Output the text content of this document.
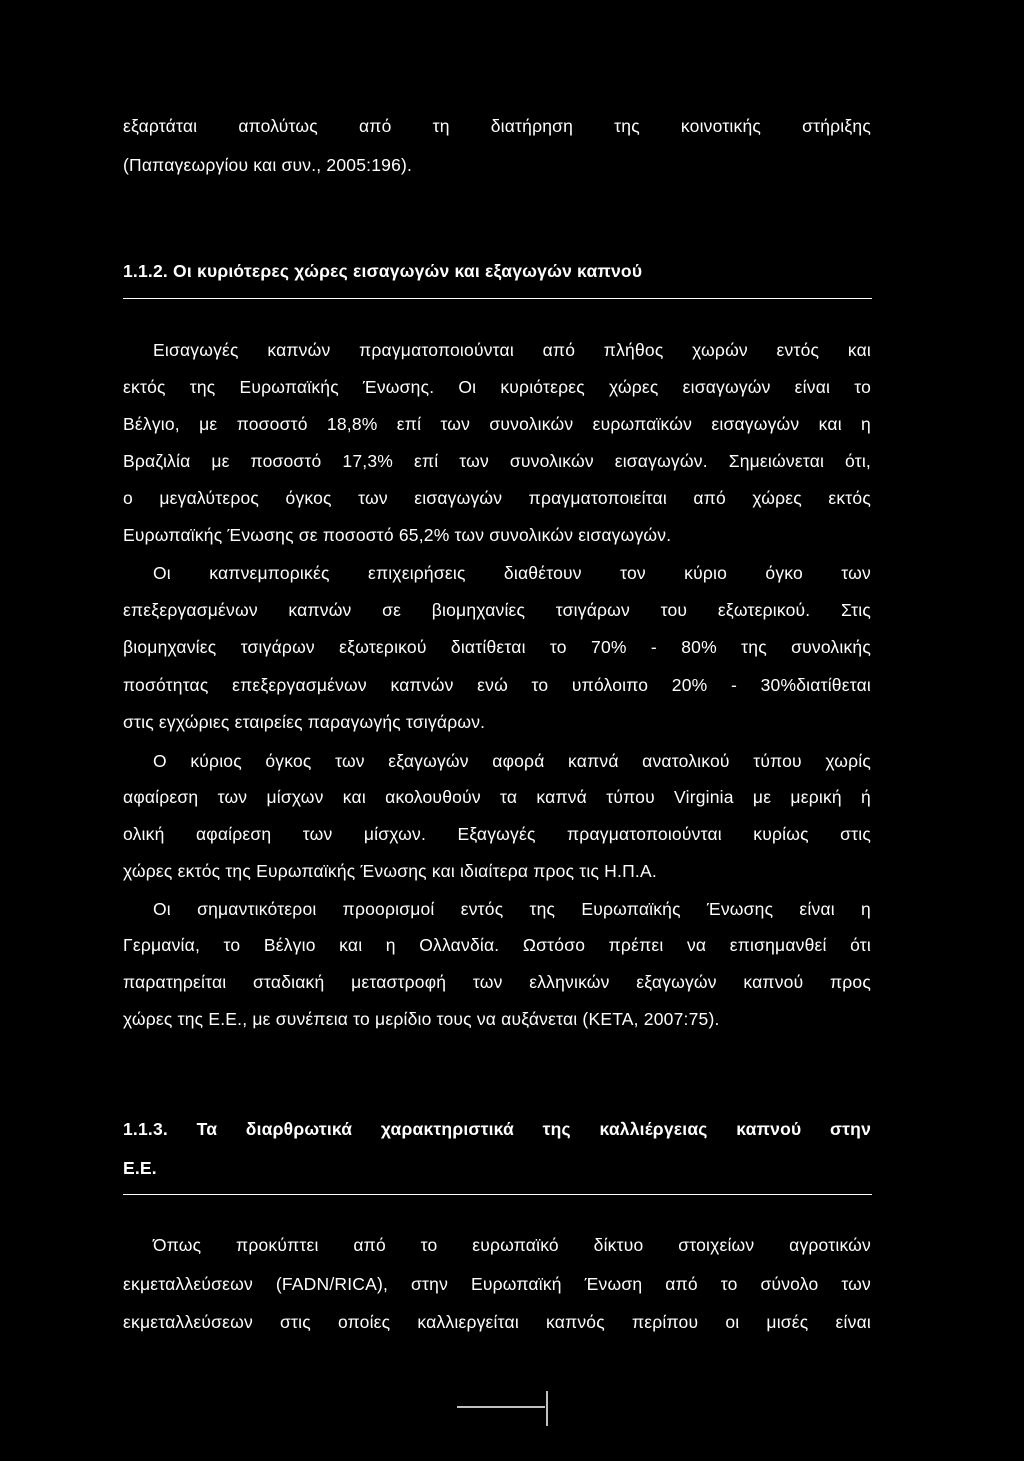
εξαρτάται απολύτως από τη διατήρηση της κοινοτικής στήριξης
(Παπαγεωργίου και συν., 2005:196).
1.1.2. Οι κυριότερες χώρες εισαγωγών και εξαγωγών καπνού
Εισαγωγές καπνών πραγματοποιούνται από πλήθος χωρών εντός και
εκτός της Ευρωπαϊκής Ένωσης. Οι κυριότερες χώρες εισαγωγών είναι το
Βέλγιο, με ποσοστό 18,8% επί των συνολικών ευρωπαϊκών εισαγωγών και η
Βραζιλία με ποσοστό 17,3% επί των συνολικών εισαγωγών. Σημειώνεται ότι,
ο μεγαλύτερος όγκος των εισαγωγών πραγματοποιείται από χώρες εκτός
Ευρωπαϊκής Ένωσης σε ποσοστό 65,2% των συνολικών εισαγωγών.
Οι καπνεμπορικές επιχειρήσεις διαθέτουν τον κύριο όγκο των
επεξεργασμένων καπνών σε βιομηχανίες τσιγάρων του εξωτερικού. Στις
βιομηχανίες τσιγάρων εξωτερικού διατίθεται το 70% - 80% της συνολικής
ποσότητας επεξεργασμένων καπνών ενώ το υπόλοιπο 20% - 30%διατίθεται
στις εγχώριες εταιρείες παραγωγής τσιγάρων.
Ο κύριος όγκος των εξαγωγών αφορά καπνά ανατολικού τύπου χωρίς
αφαίρεση των μίσχων και ακολουθούν τα καπνά τύπου Virginia με μερική ή
ολική αφαίρεση των μίσχων. Εξαγωγές πραγματοποιούνται κυρίως στις
χώρες εκτός της Ευρωπαϊκής Ένωσης και ιδιαίτερα προς τις Η.Π.Α.
Οι σημαντικότεροι προορισμοί εντός της Ευρωπαϊκής Ένωσης είναι η
Γερμανία, το Βέλγιο και η Ολλανδία. Ωστόσο πρέπει να επισημανθεί ότι
παρατηρείται σταδιακή μεταστροφή των ελληνικών εξαγωγών καπνού προς
χώρες της Ε.Ε., με συνέπεια το μερίδιο τους να αυξάνεται (ΚΕΤΑ, 2007:75).
1.1.3. Τα διαρθρωτικά χαρακτηριστικά της καλλιέργειας καπνού στην
Ε.Ε.
Όπως προκύπτει από το ευρωπαϊκό δίκτυο στοιχείων αγροτικών
εκμεταλλεύσεων (FADN/RICA), στην Ευρωπαϊκή Ένωση από το σύνολο των
εκμεταλλεύσεων στις οποίες καλλιεργείται καπνός περίπου οι μισές είναι
